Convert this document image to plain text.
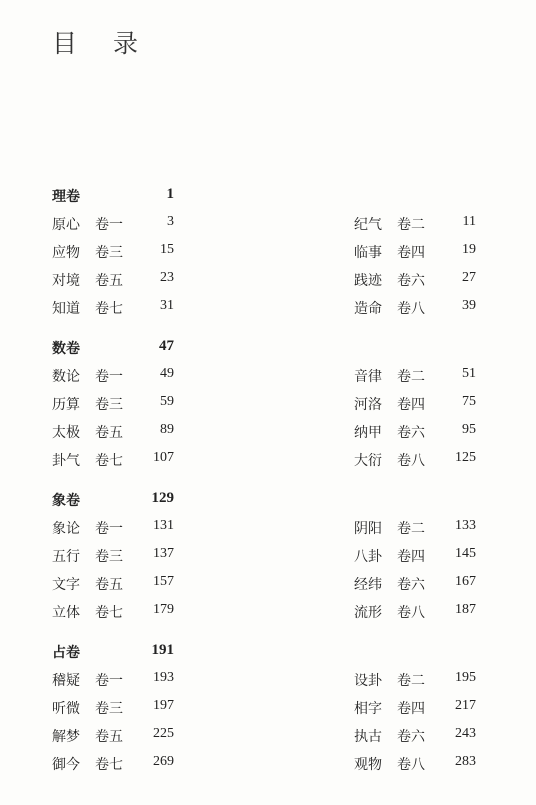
目 录
理卷	1
原心 卷一	3	纪气 卷二	11
应物 卷三	15	临事 卷四	19
对境 卷五	23	践迹 卷六	27
知道 卷七	31	造命 卷八	39
数卷	47
数论 卷一	49	音律 卷二	51
历算 卷三	59	河洛 卷四	75
太极 卷五	89	纳甲 卷六	95
卦气 卷七 107	大衍 卷八 125
象卷	129
象论 卷一 131	阴阳 卷二 133
五行 卷三 137	八卦 卷四 145
文字 卷五 157	经纬 卷六 167
立体 卷七 179	流形 卷八 187
占卷	191
稽疑 卷一 193	设卦 卷二 195
听微 卷三 197	相字 卷四 217
解梦 卷五 225	执古 卷六 243
御今 卷七 269	观物 卷八 283
